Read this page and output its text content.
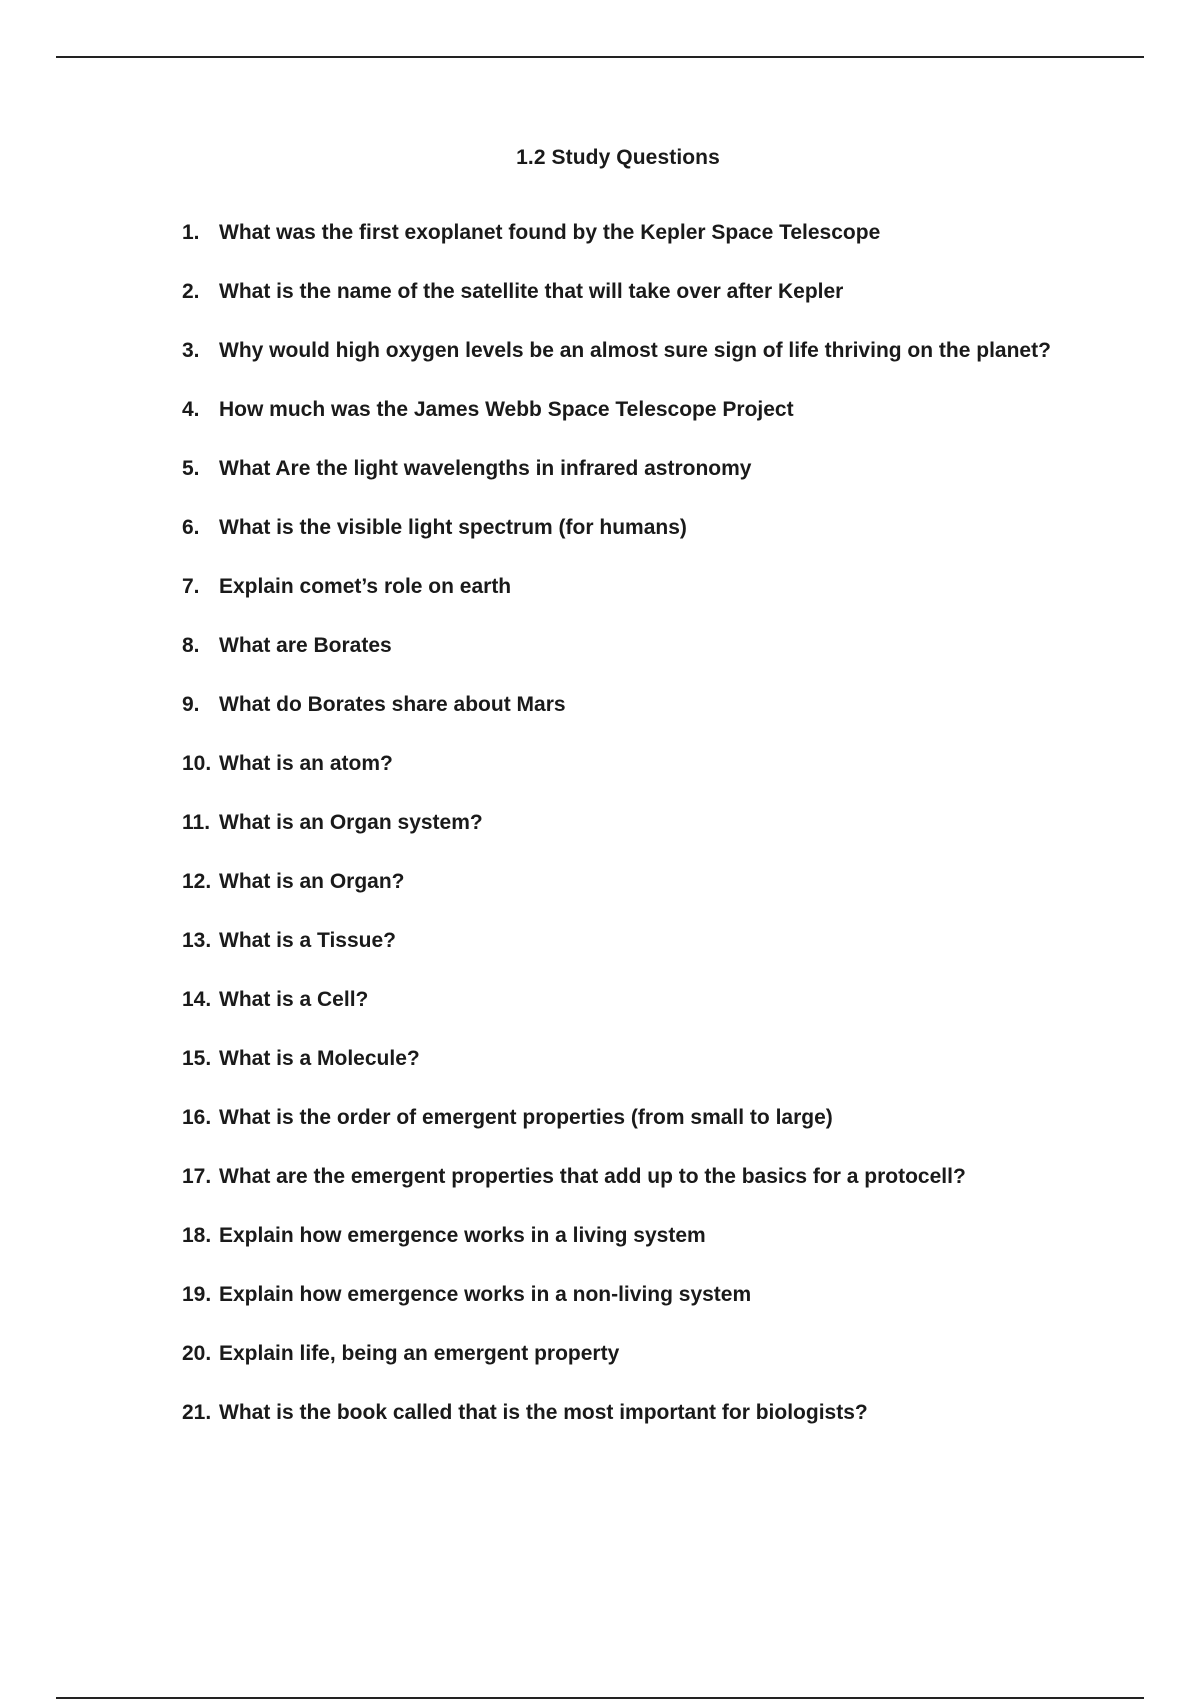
1.2 Study Questions
1. What was the first exoplanet found by the Kepler Space Telescope
2. What is the name of the satellite that will take over after Kepler
3. Why would high oxygen levels be an almost sure sign of life thriving on the planet?
4. How much was the James Webb Space Telescope Project
5. What Are the light wavelengths in infrared astronomy
6. What is the visible light spectrum (for humans)
7. Explain comet’s role on earth
8. What are Borates
9. What do Borates share about Mars
10. What is an atom?
11. What is an Organ system?
12. What is an Organ?
13. What is a Tissue?
14. What is a Cell?
15. What is a Molecule?
16. What is the order of emergent properties (from small to large)
17. What are the emergent properties that add up to the basics for a protocell?
18. Explain how emergence works in a living system
19. Explain how emergence works in a non-living system
20. Explain life, being an emergent property
21. What is the book called that is the most important for biologists?
